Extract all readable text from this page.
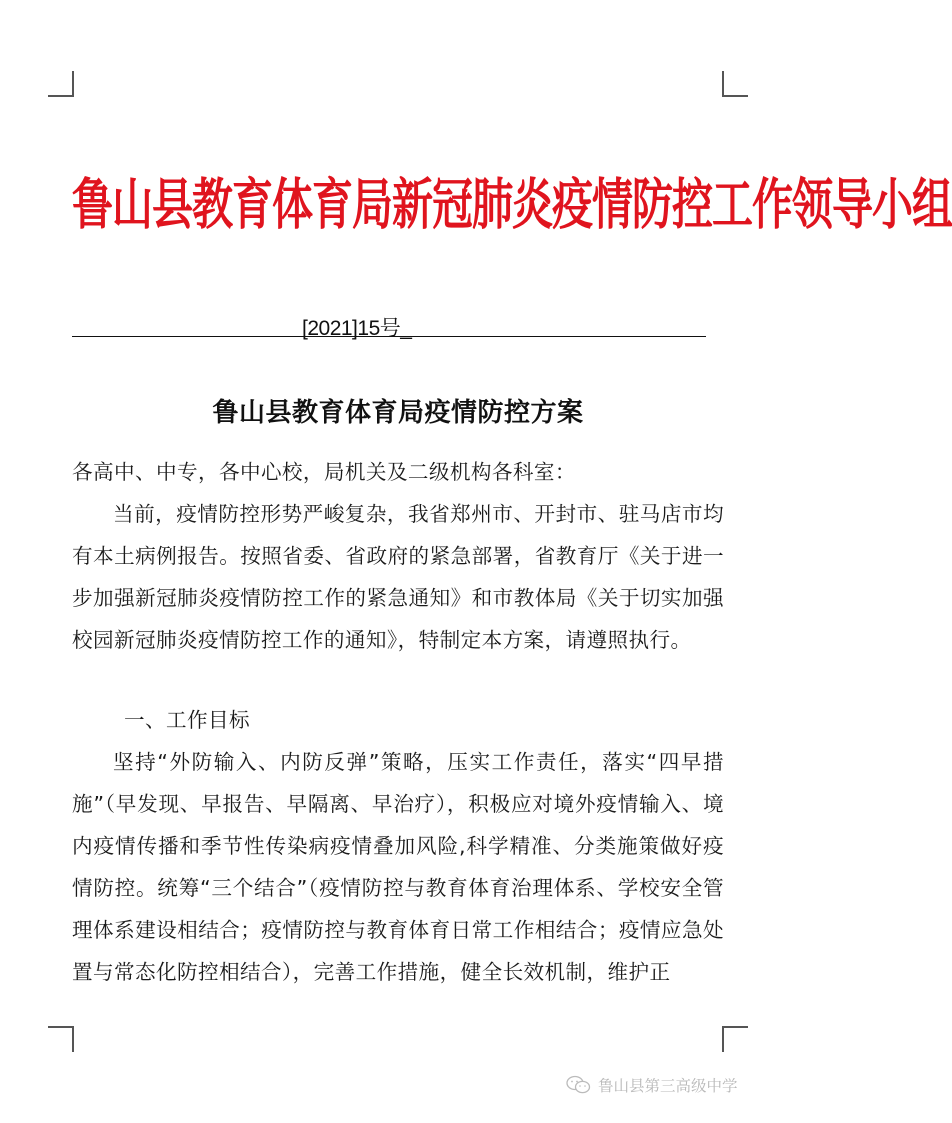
鲁山县教育体育局新冠肺炎疫情防控工作领导小组
[2021]15号_
鲁山县教育体育局疫情防控方案
各高中、中专，各中心校，局机关及二级机构各科室：
当前，疫情防控形势严峻复杂，我省郑州市、开封市、驻马店市均有本土病例报告。按照省委、省政府的紧急部署，省教育厅《关于进一步加强新冠肺炎疫情防控工作的紧急通知》和市教体局《关于切实加强校园新冠肺炎疫情防控工作的通知》，特制定本方案，请遵照执行。
一、工作目标
坚持“外防输入、内防反弹”策略，压实工作责任，落实“四早措施”（早发现、早报告、早隔离、早治疗），积极应对境外疫情输入、境内疫情传播和季节性传染病疫情叠加风险,科学精准、分类施策做好疫情防控。统筹“三个结合”（疫情防控与教育体育治理体系、学校安全管理体系建设相结合；疫情防控与教育体育日常工作相结合；疫情应急处置与常态化防控相结合），完善工作措施，健全长效机制，维护正
鲁山县第三高级中学
